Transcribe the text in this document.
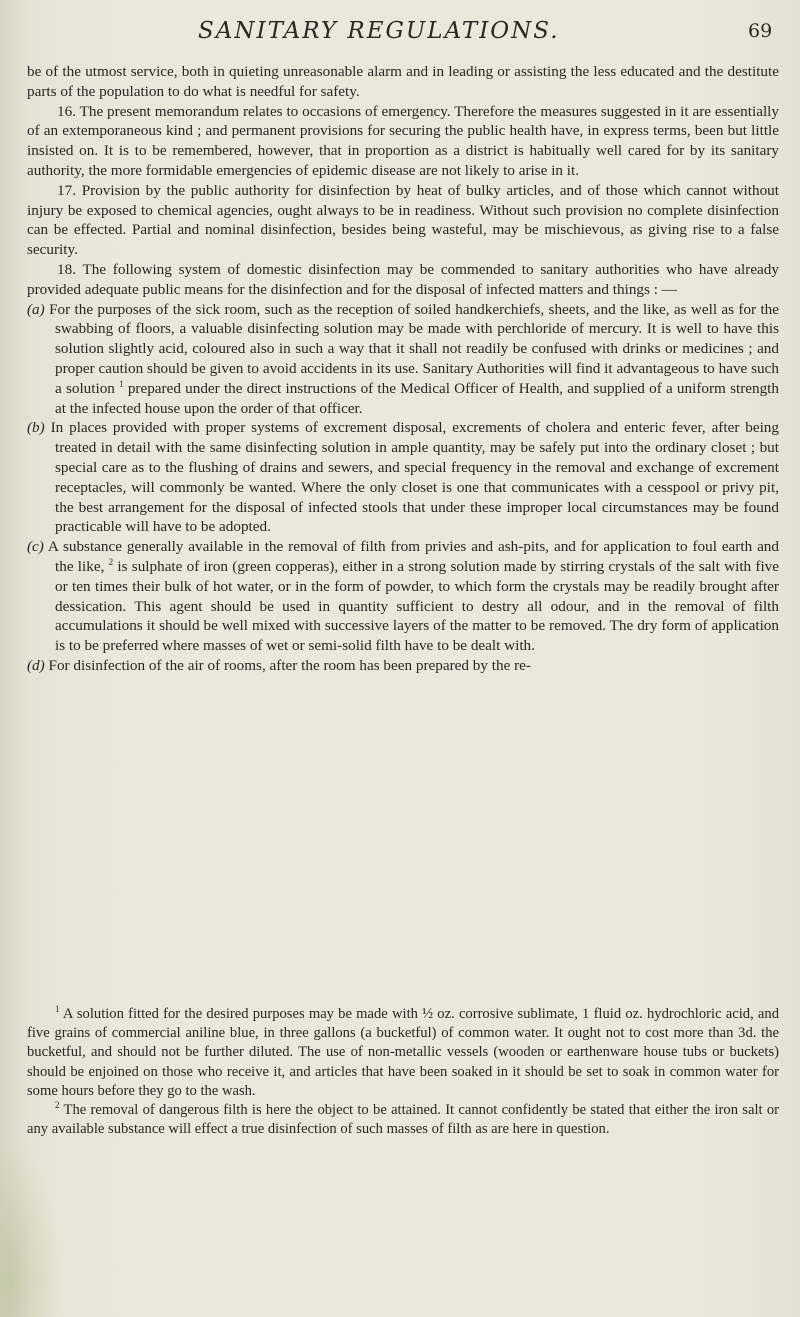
SANITARY REGULATIONS.	69

be of the utmost service, both in quieting unreasonable alarm and in leading or assisting the less educated and the destitute parts of the population to do what is needful for safety.

16. The present memorandum relates to occasions of emergency. Therefore the measures suggested in it are essentially of an extemporaneous kind ; and permanent provisions for securing the public health have, in express terms, been but little insisted on. It is to be remembered, however, that in proportion as a district is habitually well cared for by its sanitary authority, the more formidable emergencies of epidemic disease are not likely to arise in it.

17. Provision by the public authority for disinfection by heat of bulky articles, and of those which cannot without injury be exposed to chemical agencies, ought always to be in readiness. Without such provision no complete disinfection can be effected. Partial and nominal disinfection, besides being wasteful, may be mischievous, as giving rise to a false security.

18. The following system of domestic disinfection may be commended to sanitary authorities who have already provided adequate public means for the disinfection and for the disposal of infected matters and things : —

(a) For the purposes of the sick room, such as the reception of soiled handkerchiefs, sheets, and the like, as well as for the swabbing of floors, a valuable disinfecting solution may be made with perchloride of mercury. It is well to have this solution slightly acid, coloured also in such a way that it shall not readily be confused with drinks or medicines ; and proper caution should be given to avoid accidents in its use. Sanitary Authorities will find it advantageous to have such a solution $^1$ prepared under the direct instructions of the Medical Officer of Health, and supplied of a uniform strength at the infected house upon the order of that officer.

(b) In places provided with proper systems of excrement disposal, excrements of cholera and enteric fever, after being treated in detail with the same disinfecting solution in ample quantity, may be safely put into the ordinary closet ; but special care as to the flushing of drains and sewers, and special frequency in the removal and exchange of excrement receptacles, will commonly be wanted. Where the only closet is one that communicates with a cesspool or privy pit, the best arrangement for the disposal of infected stools that under these improper local circumstances may be found practicable will have to be adopted.

(c) A substance generally available in the removal of filth from privies and ash-pits, and for application to foul earth and the like, $^2$ is sulphate of iron (green copperas), either in a strong solution made by stirring crystals of the salt with five or ten times their bulk of hot water, or in the form of powder, to which form the crystals may be readily brought after dessication. This agent should be used in quantity sufficient to destry all odour, and in the removal of filth accumulations it should be well mixed with successive layers of the matter to be removed. The dry form of application is to be preferred where masses of wet or semi-solid filth have to be dealt with.

(d) For disinfection of the air of rooms, after the room has been prepared by the re-

$^1$ A solution fitted for the desired purposes may be made with ½ oz. corrosive sublimate, 1 fluid oz. hydrochloric acid, and five grains of commercial aniline blue, in three gallons (a bucketful) of common water. It ought not to cost more than 3d. the bucketful, and should not be further diluted. The use of non-metallic vessels (wooden or earthenware house tubs or buckets) should be enjoined on those who receive it, and articles that have been soaked in it should be set to soak in common water for some hours before they go to the wash.

$^2$ The removal of dangerous filth is here the object to be attained. It cannot confidently be stated that either the iron salt or any available substance will effect a true disinfection of such masses of filth as are here in question.
